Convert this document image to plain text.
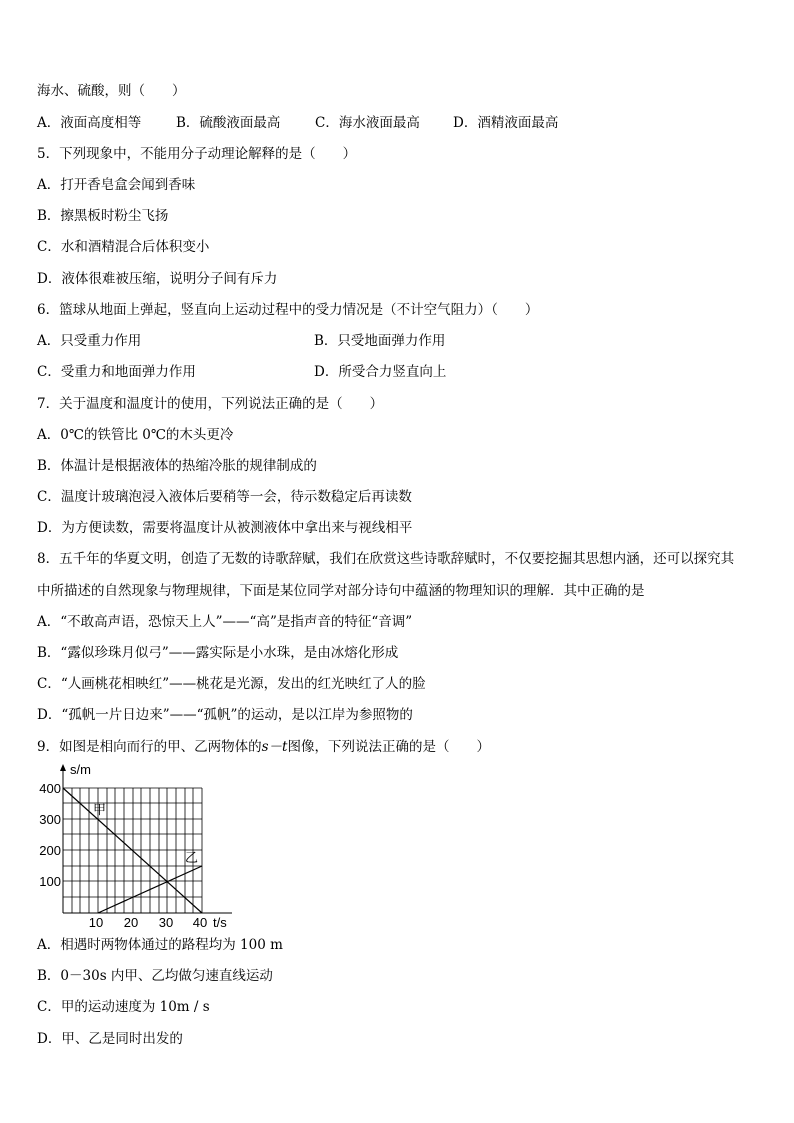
海水、硫酸，则（　　）
A．液面高度相等	B．硫酸液面最高	C．海水液面最高 D．酒精液面最高
5．下列现象中，不能用分子动理论解释的是（　　）
A．打开香皂盒会闻到香味
B．擦黑板时粉尘飞扬
C．水和酒精混合后体积变小
D．液体很难被压缩，说明分子间有斥力
6．篮球从地面上弹起，竖直向上运动过程中的受力情况是（不计空气阻力）（　　）
A．只受重力作用	B．只受地面弹力作用
C．受重力和地面弹力作用	D．所受合力竖直向上
7．关于温度和温度计的使用，下列说法正确的是（　　）
A．0℃的铁管比 0℃的木头更冷
B．体温计是根据液体的热缩冷胀的规律制成的
C．温度计玻璃泡浸入液体后要稍等一会，待示数稳定后再读数
D．为方便读数，需要将温度计从被测液体中拿出来与视线相平
8．五千年的华夏文明，创造了无数的诗歌辞赋，我们在欣赏这些诗歌辞赋时，不仅要挖掘其思想内涵，还可以探究其
中所描述的自然现象与物理规律，下面是某位同学对部分诗句中蕴涵的物理知识的理解．其中正确的是
A．“不敢高声语，恐惊天上人”——“高”是指声音的特征“音调”
B．“露似珍珠月似弓”——露实际是小水珠，是由冰熔化形成
C．“人画桃花相映红”——桃花是光源，发出的红光映红了人的脸
D．“孤帆一片日边来”——“孤帆”的运动，是以江岸为参照物的
9．如图是相向而行的甲、乙两物体的s－t图像，下列说法正确的是（　　）
s/m
400
300
200
100
10 20 30 40 t/s
甲
乙
A．相遇时两物体通过的路程均为 100 m
B．0－30s 内甲、乙均做匀速直线运动
C．甲的运动速度为 10m / s
D．甲、乙是同时出发的
